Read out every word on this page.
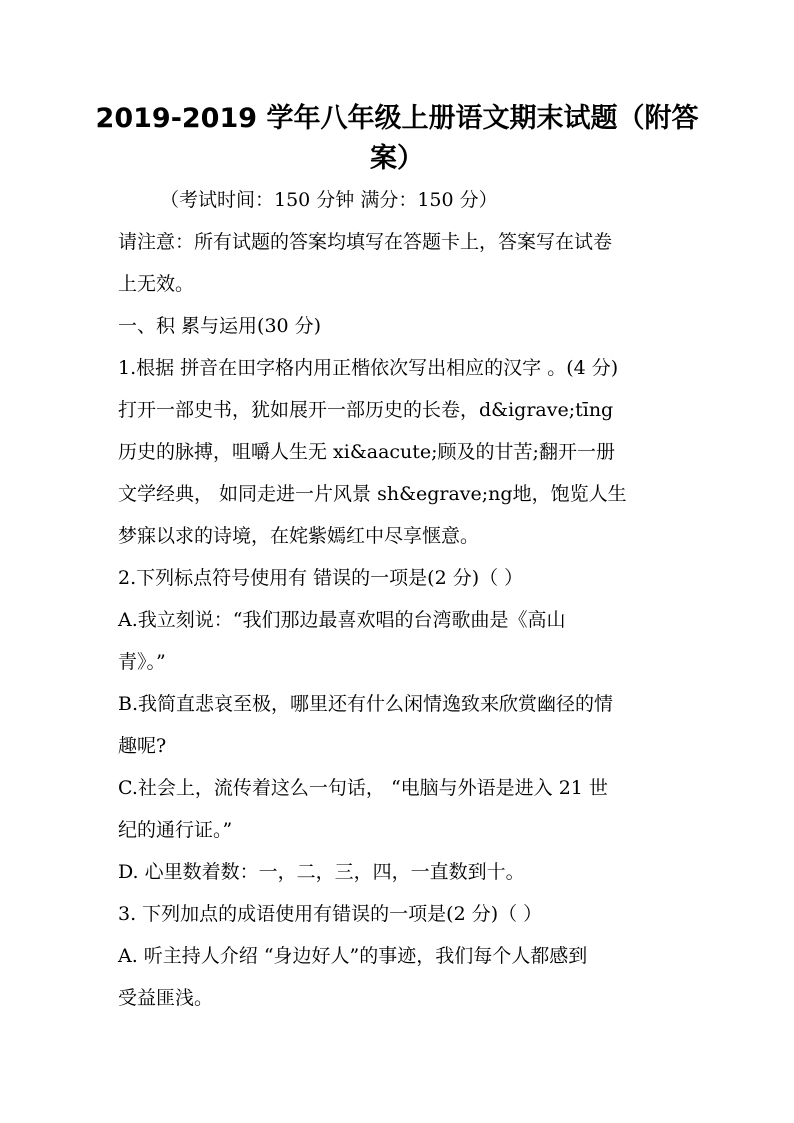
2019-2019 学年八年级上册语文期末试题（附答
案）
（考试时间：150 分钟 满分：150 分）
请注意：所有试题的答案均填写在答题卡上，答案写在试卷
上无效。
一、积 累与运用(30 分)
1.根据 拼音在田字格内用正楷依次写出相应的汉字 。(4 分)
打开一部史书，犹如展开一部历史的长卷，d&igrave;tīng
历史的脉搏，咀嚼人生无 xi&aacute;顾及的甘苦;翻开一册
文学经典， 如同走进一片风景 sh&egrave;ng地，饱览人生
梦寐以求的诗境，在姹紫嫣红中尽享惬意。
2.下列标点符号使用有 错误的一项是(2 分)（ ）
A.我立刻说：“我们那边最喜欢唱的台湾歌曲是《高山
青》。”
B.我简直悲哀至极，哪里还有什么闲情逸致来欣赏幽径的情
趣呢?
C.社会上，流传着这么一句话， “电脑与外语是进入 21 世
纪的通行证。”
D. 心里数着数：一，二，三，四，一直数到十。
3. 下列加点的成语使用有错误的一项是(2 分)（ ）
A. 听主持人介绍 “身边好人”的事迹，我们每个人都感到
受益匪浅。
